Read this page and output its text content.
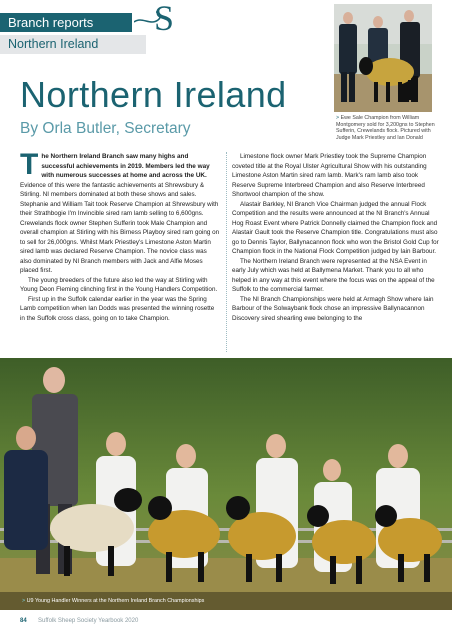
Branch reports
Northern Ireland
S
Northern Ireland
By Orla Butler, Secretary
> Ewe Sale Champion from William Montgomery sold for 3,200gns to Stephen Sufferin, Crewelands flock. Pictured with Judge Mark Priestley and Ian Donald

The Northern Ireland Branch saw many highs and successful achievements in 2019. Members led the way with numerous successes at home and across the UK.

Evidence of this were the fantastic achievements at Shrewsbury & Stirling. NI members dominated at both these shows and sales. Stephanie and William Tait took Reserve Champion at Shrewsbury with their Strathbogie I'm Invincible sired ram lamb selling to 6,600gns. Crewelands flock owner Stephen Sufferin took Male Champion and overall champion at Stirling with his Birness Playboy sired ram going on to sell for 26,000gns. Whilst Mark Priestley's Limestone Aston Martin sired lamb was declared Reserve Champion. The novice class was also dominated by NI Branch members with Jack and Alfie Moses placed first.

The young breeders of the future also led the way at Stirling with Young Deon Fleming clinching first in the Young Handlers Competition.

First up in the Suffolk calendar earlier in the year was the Spring Lamb competition when Ian Dodds was presented the winning rosette in the Suffolk cross class, going on to take Champion.

Limestone flock owner Mark Priestley took the Supreme Champion coveted title at the Royal Ulster Agricultural Show with his outstanding Limestone Aston Martin sired ram lamb. Mark's ram lamb also took Reserve Supreme Interbreed Champion and also Reserve Interbreed Shortwool champion of the show.

Alastair Barkley, NI Branch Vice Chairman judged the annual Flock Competition and the results were announced at the NI Branch's Annual Hog Roast Event where Patrick Donnelly claimed the Champion flock and Alastair Gault took the Reserve Champion title. Congratulations must also go to Dennis Taylor, Ballynacannon flock who won the Bristol Gold Cup for Champion flock in the National Flock Competition judged by Iain Barbour.

The Northern Ireland Branch were represented at the NSA Event in early July which was held at Ballymena Market. Thank you to all who helped in any way at this event where the focus was on the appeal of the Suffolk to the commercial farmer.

The NI Branch Championships were held at Armagh Show where Iain Barbour of the Solwaybank flock chose an impressive Ballynacannon Discovery sired shearling ewe belonging to the

> U9 Young Handler Winners at the Northern Ireland Branch Championships
84 Suffolk Sheep Society Yearbook 2020
